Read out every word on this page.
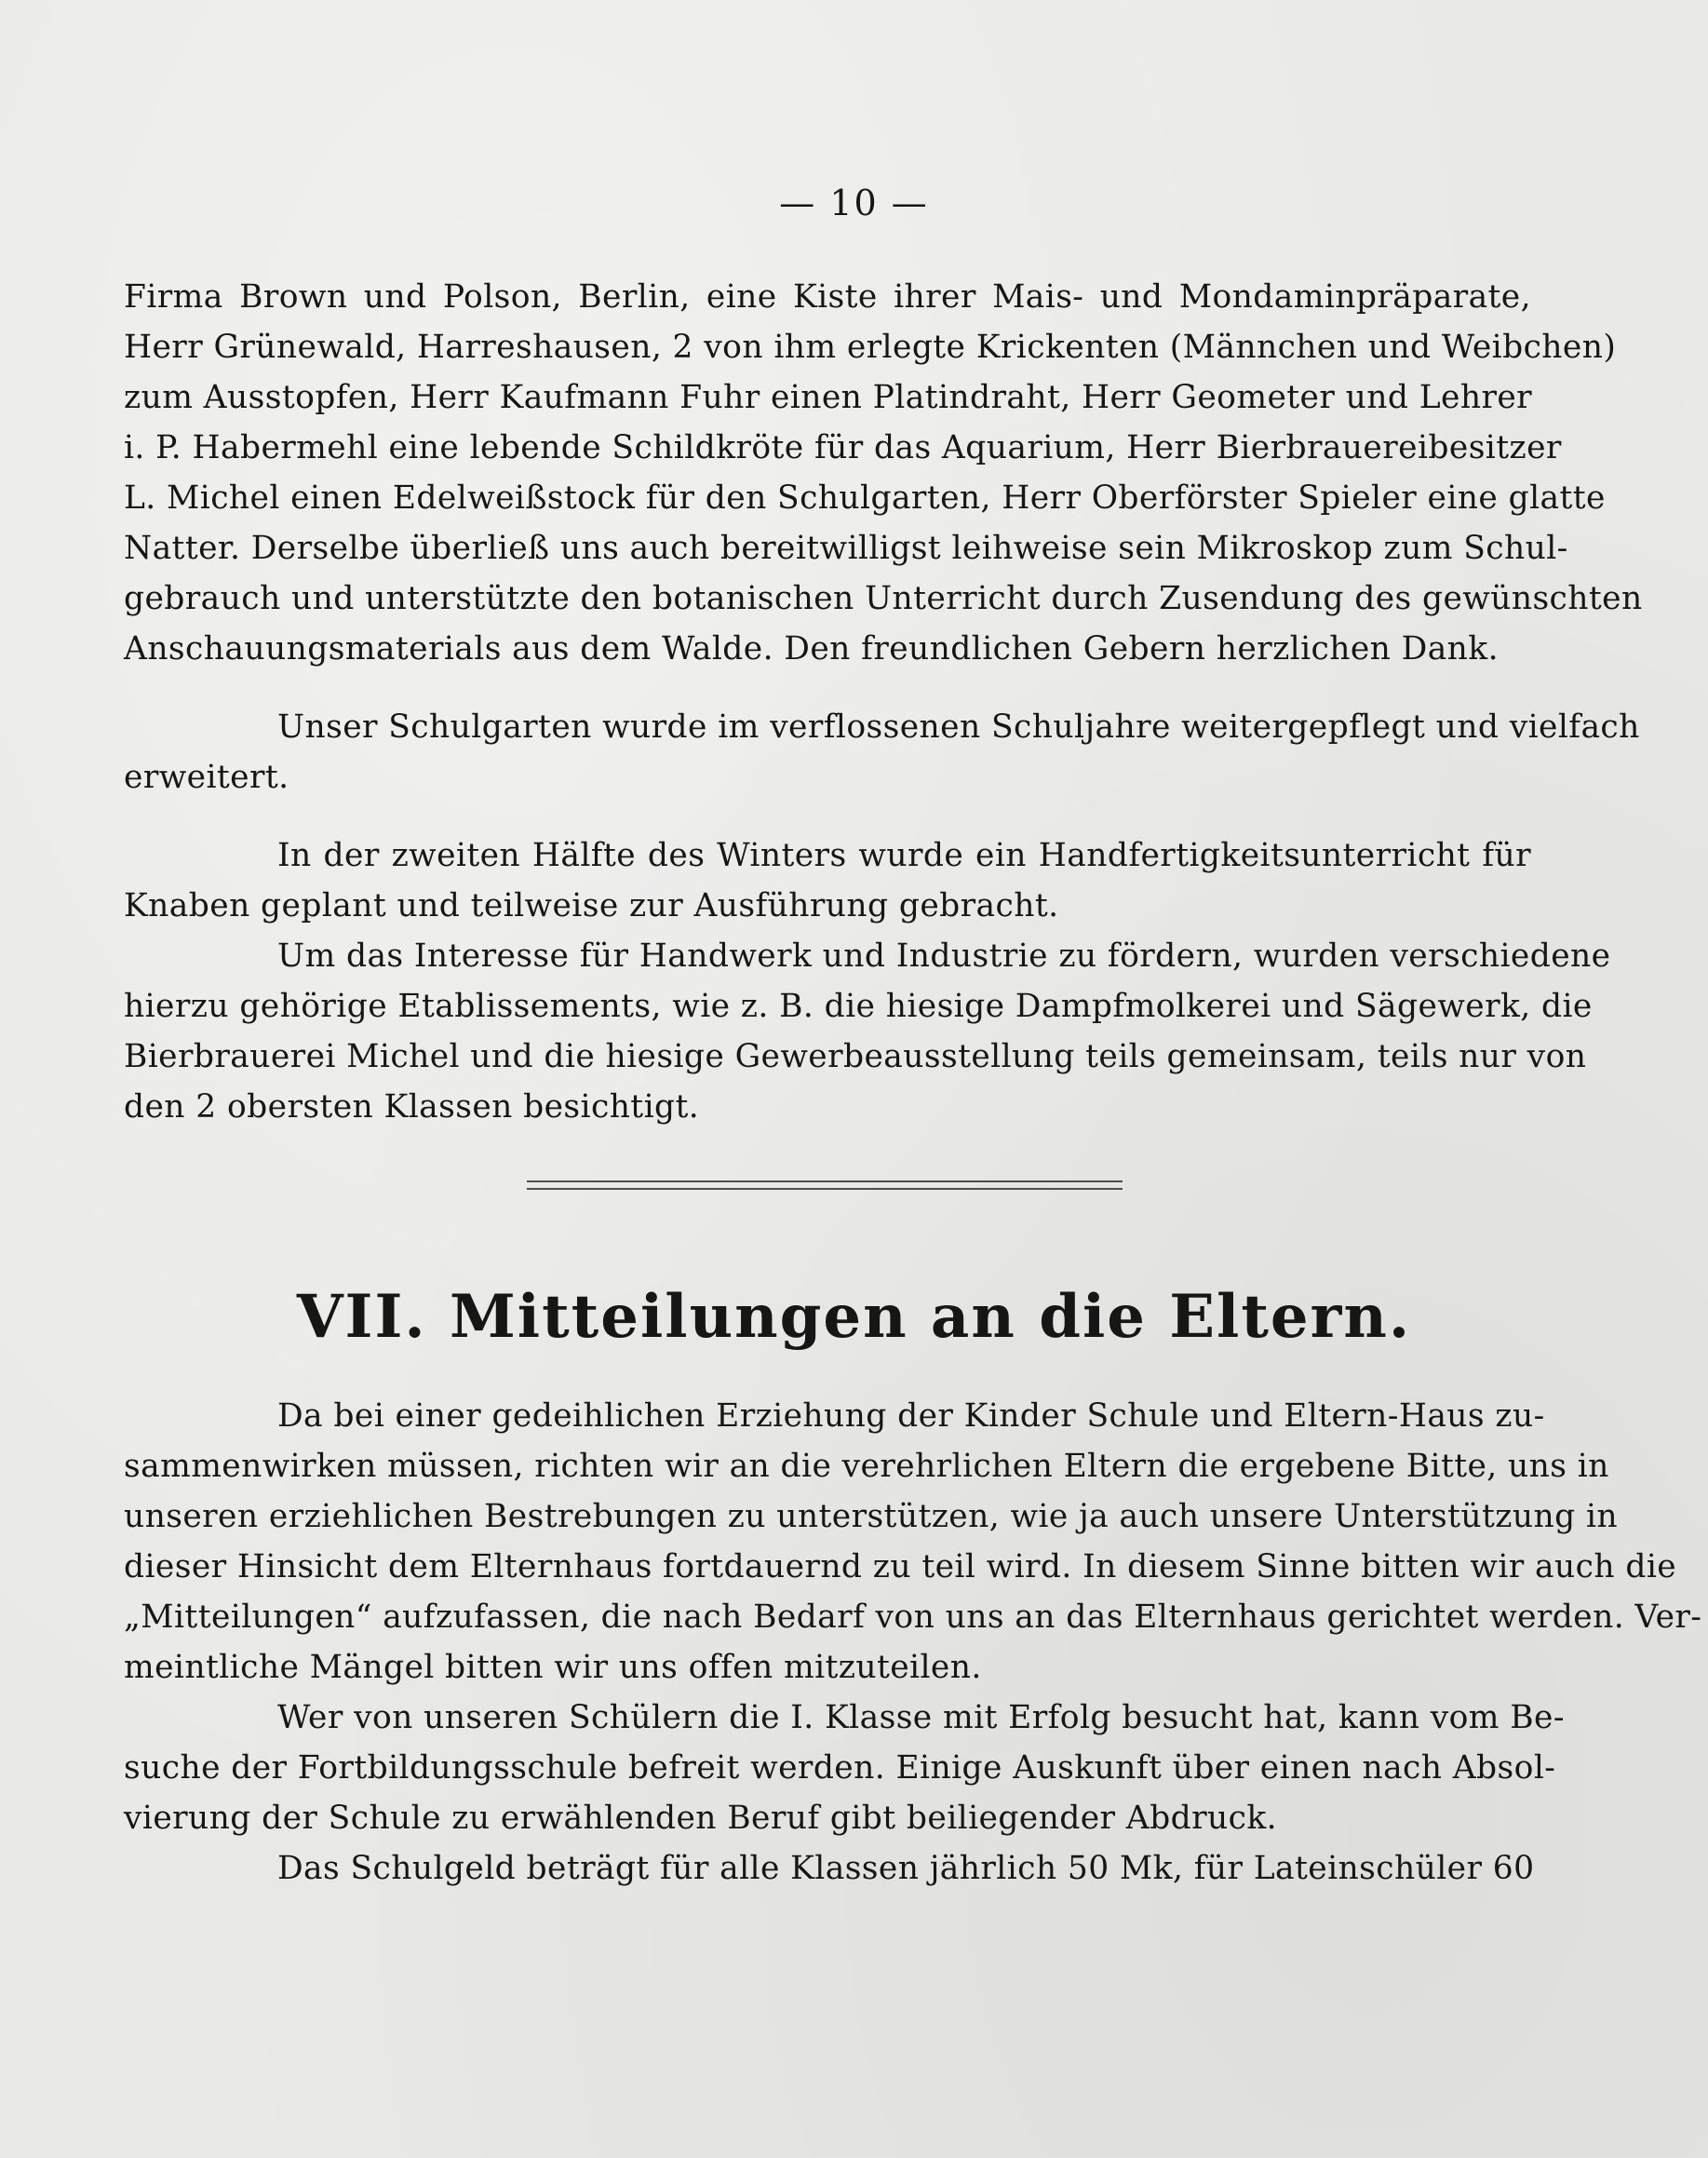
— 10 —
Firma Brown und Polson, Berlin, eine Kiste ihrer Mais- und Mondaminpräparate,
Herr Grünewald, Harreshausen, 2 von ihm erlegte Krickenten (Männchen und Weibchen)
zum Ausstopfen, Herr Kaufmann Fuhr einen Platindraht, Herr Geometer und Lehrer
i. P. Habermehl eine lebende Schildkröte für das Aquarium, Herr Bierbrauereibesitzer
L. Michel einen Edelweißstock für den Schulgarten, Herr Oberförster Spieler eine glatte
Natter. Derselbe überließ uns auch bereitwilligst leihweise sein Mikroskop zum Schul-
gebrauch und unterstützte den botanischen Unterricht durch Zusendung des gewünschten
Anschauungsmaterials aus dem Walde. Den freundlichen Gebern herzlichen Dank.
Unser Schulgarten wurde im verflossenen Schuljahre weitergepflegt und vielfach
erweitert.
In der zweiten Hälfte des Winters wurde ein Handfertigkeitsunterricht für
Knaben geplant und teilweise zur Ausführung gebracht.
Um das Interesse für Handwerk und Industrie zu fördern, wurden verschiedene
hierzu gehörige Etablissements, wie z. B. die hiesige Dampfmolkerei und Sägewerk, die
Bierbrauerei Michel und die hiesige Gewerbeausstellung teils gemeinsam, teils nur von
den 2 obersten Klassen besichtigt.
VII. Mitteilungen an die Eltern.
Da bei einer gedeihlichen Erziehung der Kinder Schule und Eltern-Haus zu-
sammenwirken müssen, richten wir an die verehrlichen Eltern die ergebene Bitte, uns in
unseren erziehlichen Bestrebungen zu unterstützen, wie ja auch unsere Unterstützung in
dieser Hinsicht dem Elternhaus fortdauernd zu teil wird. In diesem Sinne bitten wir auch die
„Mitteilungen“ aufzufassen, die nach Bedarf von uns an das Elternhaus gerichtet werden. Ver-
meintliche Mängel bitten wir uns offen mitzuteilen.
Wer von unseren Schülern die I. Klasse mit Erfolg besucht hat, kann vom Be-
suche der Fortbildungsschule befreit werden. Einige Auskunft über einen nach Absol-
vierung der Schule zu erwählenden Beruf gibt beiliegender Abdruck.
Das Schulgeld beträgt für alle Klassen jährlich 50 Mk, für Lateinschüler 60
